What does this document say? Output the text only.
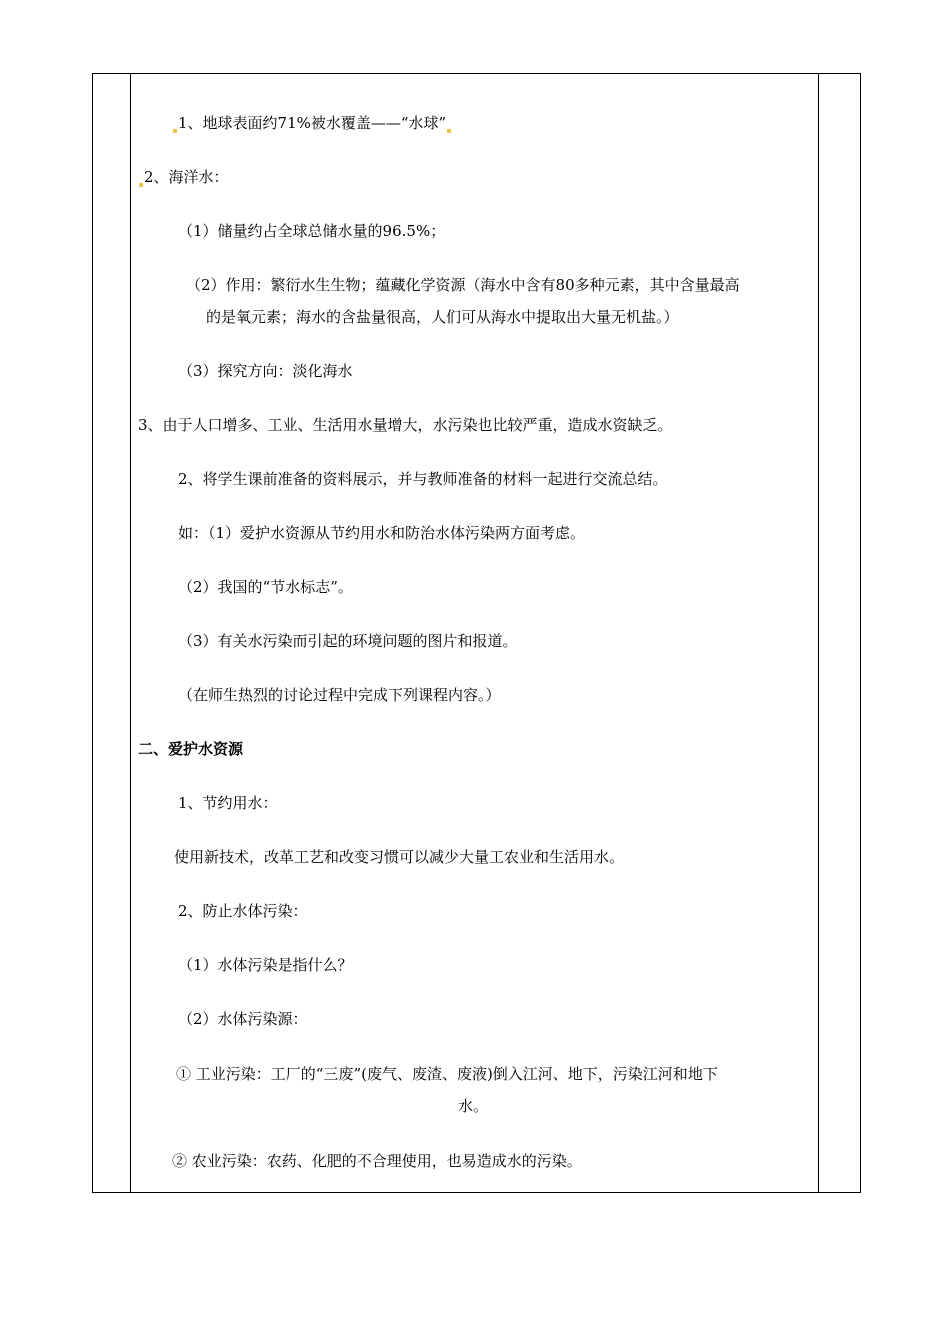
1、地球表面约71%被水覆盖——“水球”
2、海洋水：
（1）储量约占全球总储水量的96.5%；
（2）作用：繁衍水生生物；蕴藏化学资源（海水中含有80多种元素，其中含量最高
的是氧元素；海水的含盐量很高，人们可从海水中提取出大量无机盐。）
（3）探究方向：淡化海水
3、由于人口增多、工业、生活用水量增大，水污染也比较严重，造成水资缺乏。
2、将学生课前准备的资料展示，并与教师准备的材料一起进行交流总结。
如：（1）爱护水资源从节约用水和防治水体污染两方面考虑。
（2）我国的“节水标志”。
（3）有关水污染而引起的环境问题的图片和报道。
（在师生热烈的讨论过程中完成下列课程内容。）
二、爱护水资源
1、节约用水：
使用新技术，改革工艺和改变习惯可以减少大量工农业和生活用水。
2、防止水体污染：
（1）水体污染是指什么？
（2）水体污染源：
① 工业污染：工厂的“三废”(废气、废渣、废液)倒入江河、地下，污染江河和地下
水。
② 农业污染：农药、化肥的不合理使用，也易造成水的污染。
